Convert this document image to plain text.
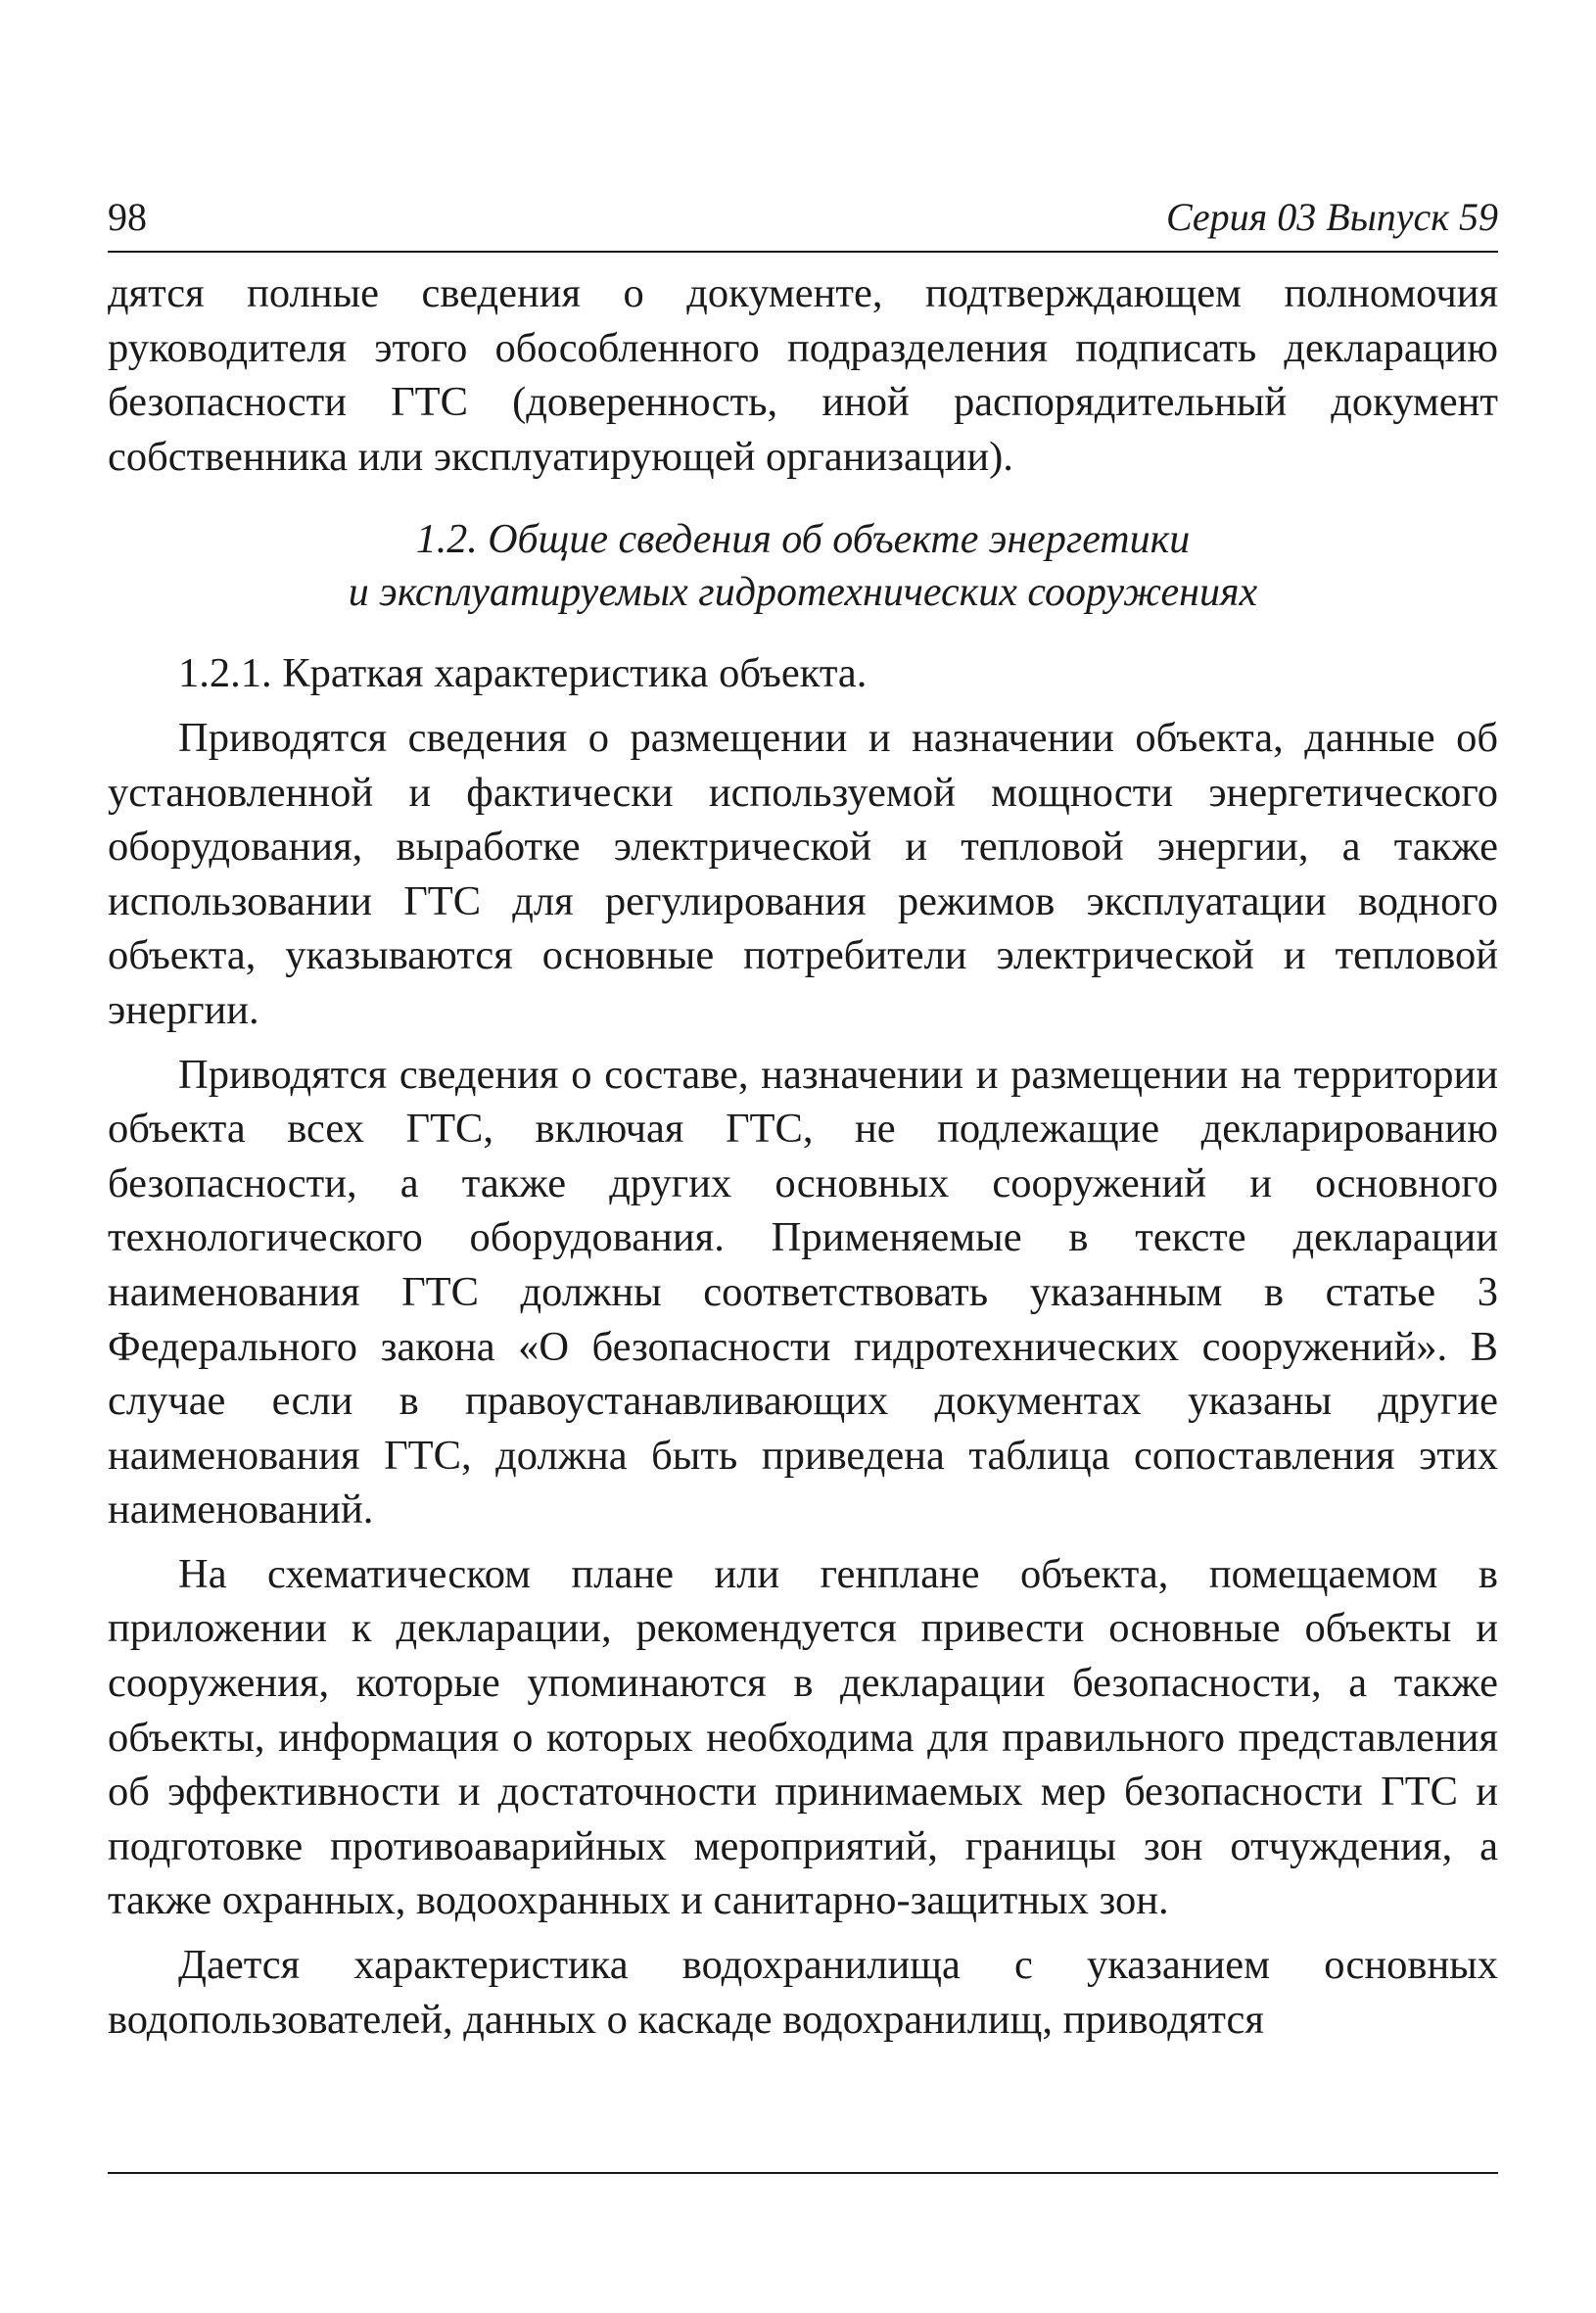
98	Серия 03 Выпуск 59

дятся полные сведения о документе, подтверждающем полномочия руководителя этого обособленного подразделения подписать декларацию безопасности ГТС (доверенность, иной распорядительный документ собственника или эксплуатирующей организации).

1.2. Общие сведения об объекте энергетики
и эксплуатируемых гидротехнических сооружениях

1.2.1. Краткая характеристика объекта.

Приводятся сведения о размещении и назначении объекта, данные об установленной и фактически используемой мощности энергетического оборудования, выработке электрической и тепловой энергии, а также использовании ГТС для регулирования режимов эксплуатации водного объекта, указываются основные потребители электрической и тепловой энергии.

Приводятся сведения о составе, назначении и размещении на территории объекта всех ГТС, включая ГТС, не подлежащие декларированию безопасности, а также других основных сооружений и основного технологического оборудования. Применяемые в тексте декларации наименования ГТС должны соответствовать указанным в статье 3 Федерального закона «О безопасности гидротехнических сооружений». В случае если в правоустанавливающих документах указаны другие наименования ГТС, должна быть приведена таблица сопоставления этих наименований.

На схематическом плане или генплане объекта, помещаемом в приложении к декларации, рекомендуется привести основные объекты и сооружения, которые упоминаются в декларации безопасности, а также объекты, информация о которых необходима для правильного представления об эффективности и достаточности принимаемых мер безопасности ГТС и подготовке противоаварийных мероприятий, границы зон отчуждения, а также охранных, водоохранных и санитарно-защитных зон.

Дается характеристика водохранилища с указанием основных водопользователей, данных о каскаде водохранилищ, приводятся
